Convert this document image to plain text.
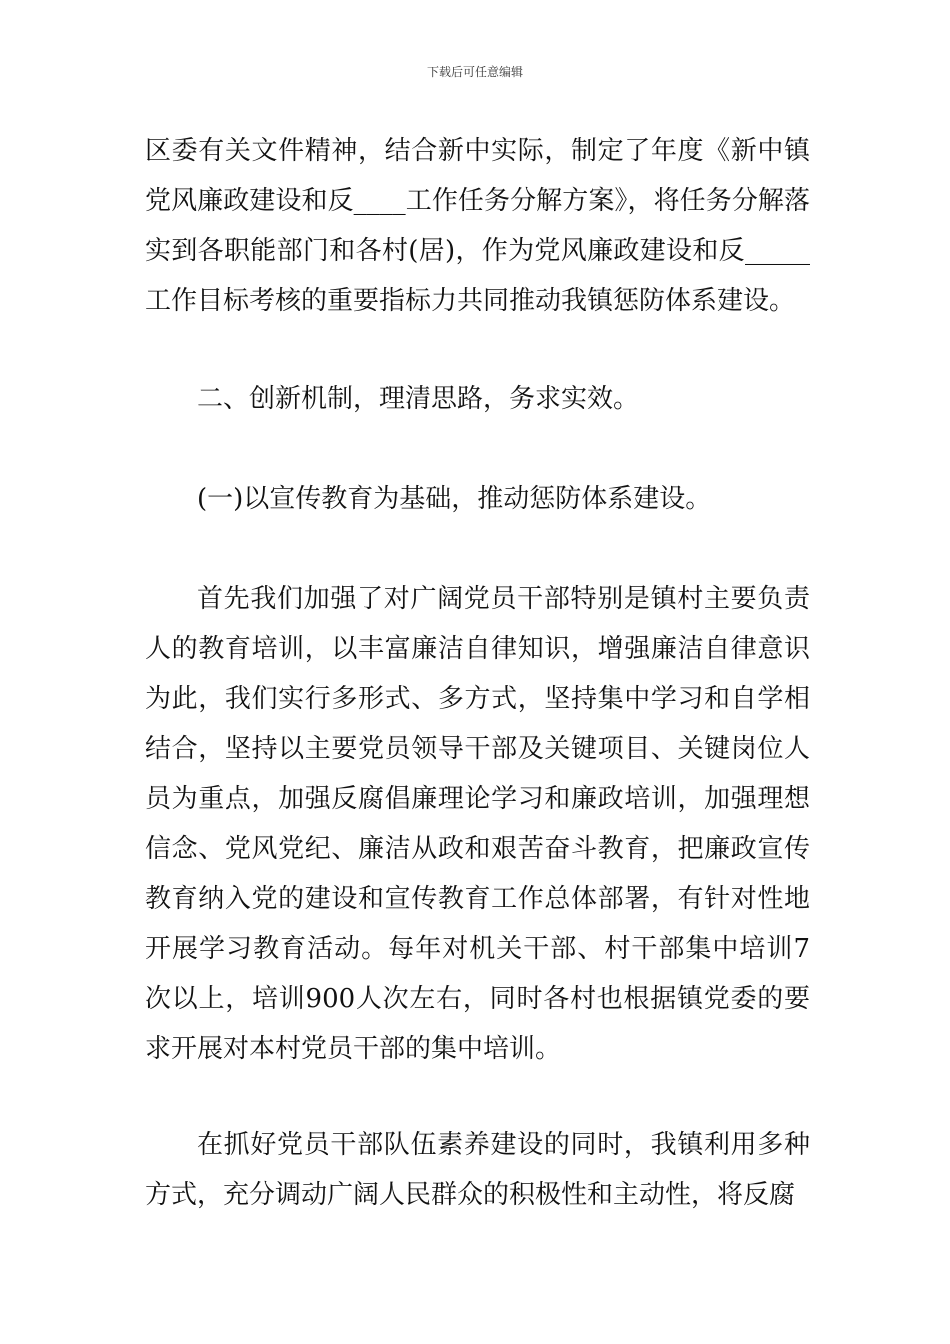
下载后可任意编辑

区委有关文件精神，结合新中实际，制定了年度《新中镇党风廉政建设和反____工作任务分解方案》，将任务分解落实到各职能部门和各村(居)，作为党风廉政建设和反_____工作目标考核的重要指标力共同推动我镇惩防体系建设。

二、创新机制，理清思路，务求实效。

(一)以宣传教育为基础，推动惩防体系建设。

首先我们加强了对广阔党员干部特别是镇村主要负责人的教育培训，以丰富廉洁自律知识，增强廉洁自律意识为此，我们实行多形式、多方式，坚持集中学习和自学相结合，坚持以主要党员领导干部及关键项目、关键岗位人员为重点，加强反腐倡廉理论学习和廉政培训，加强理想信念、党风党纪、廉洁从政和艰苦奋斗教育，把廉政宣传教育纳入党的建设和宣传教育工作总体部署，有针对性地开展学习教育活动。每年对机关干部、村干部集中培训7次以上，培训900人次左右，同时各村也根据镇党委的要求开展对本村党员干部的集中培训。

在抓好党员干部队伍素养建设的同时，我镇利用多种方式，充分调动广阔人民群众的积极性和主动性，将反腐
